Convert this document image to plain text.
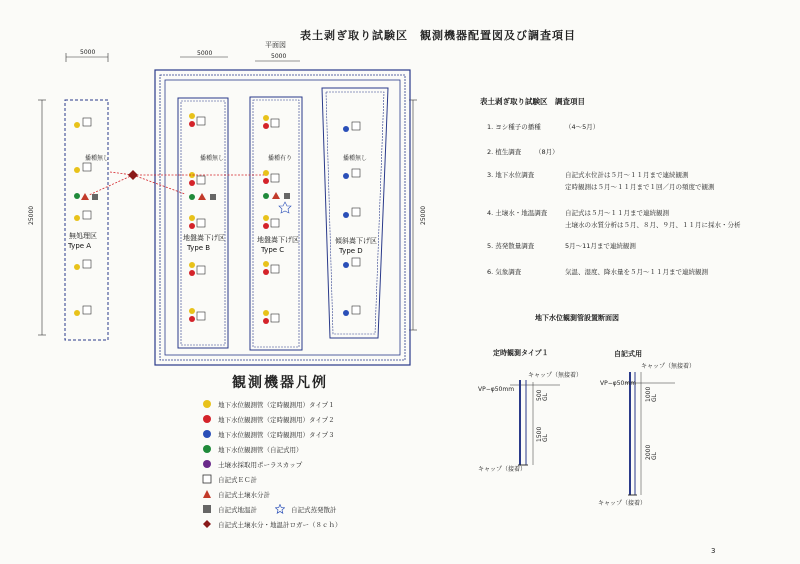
表土剥ぎ取り試験区　観測機器配置図及び調査項目
平面図
5000	5000	5000
25000	25000
播種無し	播種無し	播種有り	播種無し
無処理区
Type A
地盤嵩下げ区
Type B
地盤嵩下げ区
Type C
傾斜嵩下げ区
Type D
キャップ（無接着）
VP−φ50mm
キャップ（接着）
500 GL
1500 GL
キャップ（無接着）
VP−φ50mm
キャップ（接着）
1000 GL
2000 GL
観測機器凡例
地下水位観測管（定時観測用）タイプ１
地下水位観測管（定時観測用）タイプ２
地下水位観測管（定時観測用）タイプ３
地下水位観測管（自記式用）
土壌水採取用ポーラスカップ
自記式ＥＣ計
自記式土壌水分計
自記式地温計	自記式蒸発散計
自記式土壌水分・地温計ロガー（８ｃｈ）
表土剥ぎ取り試験区　調査項目
1. ヨシ種子の播種	（4〜5月）
2. 植生調査 （8月）
3. 地下水位調査	自記式水位計は５月〜１１月まで連続観測
定時観測は５月〜１１月まで１回／月の頻度で観測
4. 土壌水・地温調査	自記式は５月〜１１月まで連続観測
土壌水の水質分析は５月、８月、９月、１１月に採水・分析
5. 蒸発散量調査	5月〜11月まで連続観測
6. 気象調査	気温、湿度、降水量を５月〜１１月まで連続観測
地下水位観測管設置断面図
定時観測タイプ１	自記式用
3
